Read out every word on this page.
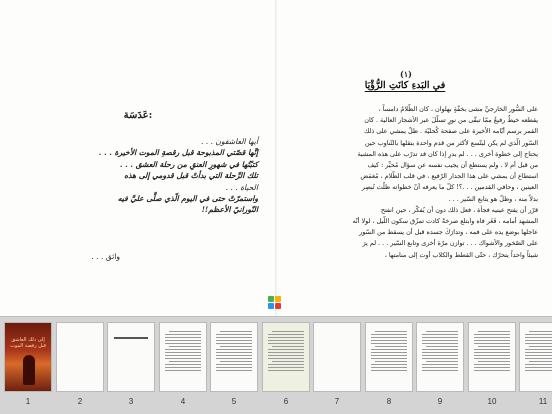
عَدَسَة:
أيها العاشقون . . .
إنَّها قصّتي المذبوحة قبل رقصةِ الموت الأخيرة . . .
كتبْتُها في شهورِ العنقِ من رحلة العشق . . .
تلك الرِّحلة التي بدأتْ قبل قدومي إلى هذه
الحياة . . .
واستمرّتْ حتى في اليوم الّذي صلَّى عليَّ فيه
النّورانيّ الأعظم!!
واثق . . .
(١)
في البَدءِ كانَتِ الرُّؤْيَا
على السُّور الخارجيِّ مشى بخفّةٍ بهلوان ، كان الظّلامُ دامساً ،
يقطعه خيطٌ رفيعٌ ممّا تبقّى من نورٍ تسلّلَ عبر الأشجار العالية . كان
القمر برسم أيّامه الأخيرة على صفحة كُحليّة . ظلّ يمشي على ذلك
السّور الّذي لم يكن ليتّسع لأكثر من قدم واحدة بتقلها بالتّناوب حين
يحتاج إلى خطوة أخرى . . . لم يدرِ إذا كان قد تدرّب على هذه المشية
من قبل أم لا . ولم يستطع أن يجيب نفسه عن سؤال مُحيِّر : كيف
استطاع أن يمشي على هذا الجدار الرّفيع ، في قلب الظّلام ، مُغمَض
العينين ، وحافي القدمين . . .؟! كلّ ما يعرفه أنّ خطواته ظلّت تُبصِر
بدلاً منه ، وظلّ هو يتابع السّير . . .
قرّر أن يفتح عينيه فجأة ، فعل ذلك دون أن يُفكّر ، حين انفتح
المشهد أمامه ، فَغَر فاه وابتلع صرخةً كادت تمزّق سكون اللّيل ، لولا أنّه
عاجلها بوضع يده على فمه ، وتدارَكَ جسده قبل أن يسقط من السّور
على الصّخور والأشواك . . . توازن مرّة أخرى وتابع السّير . . . لم يرَ
شيئاً واحداً يتحرّك ، حتّى القطط والكلاب أوت إلى منامتها ،
إلى ذلك العاشق قبل رقصة الموت
1	2	3	4	5	6	7	8	9	10	11
